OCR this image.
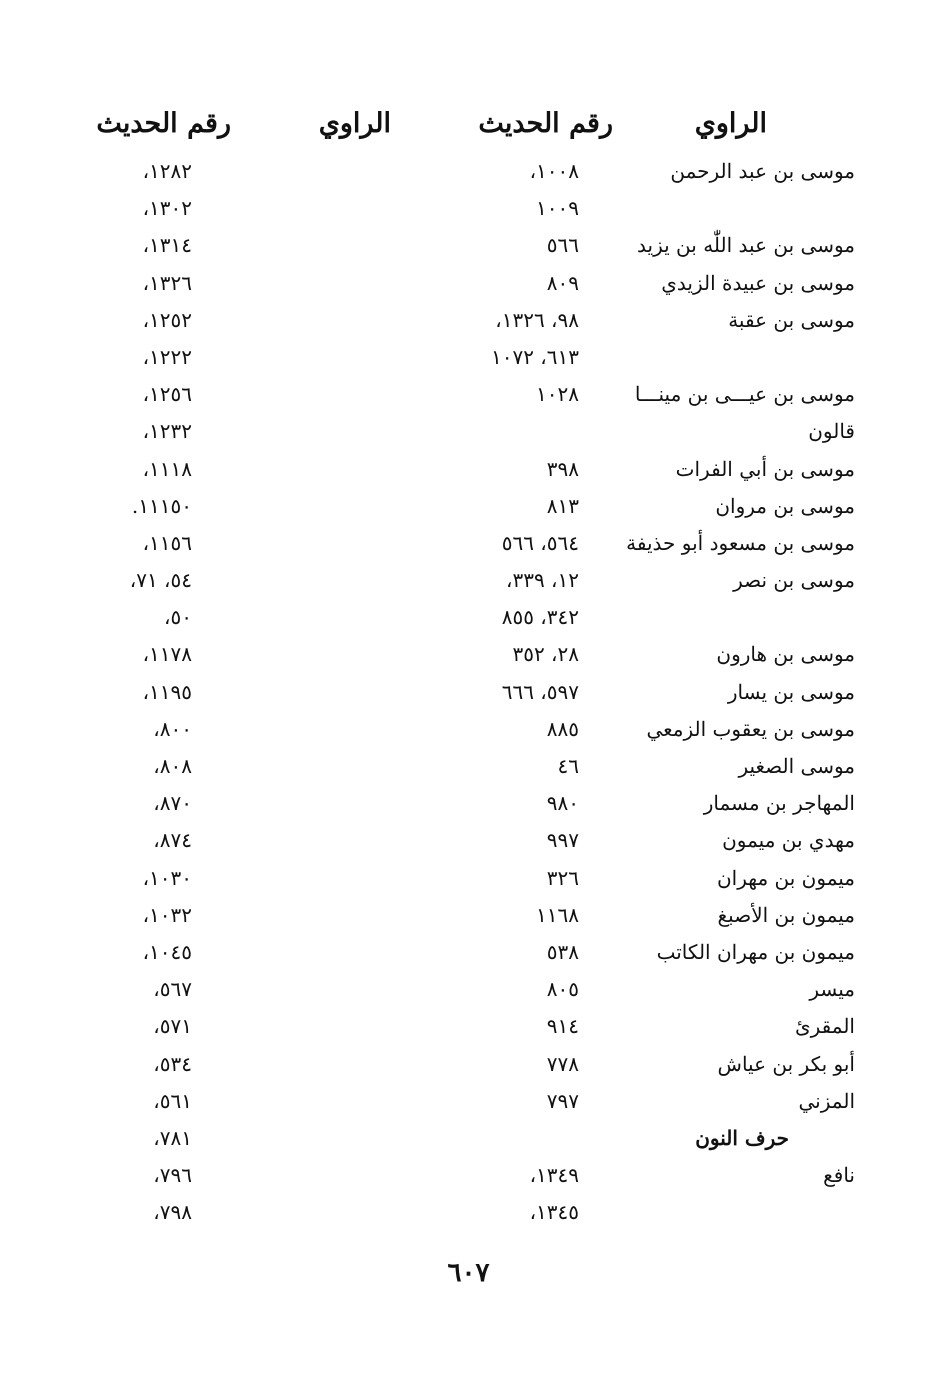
الراوي
رقم الحديث
الراوي
رقم الحديث
موسى بن عبد الرحمن
١٠٠٨،
١٢٨٢،
١٠٠٩
١٣٠٢،
موسى بن عبد اللّٰه بن يزيد
٥٦٦
١٣١٤،
موسى بن عبيدة الزيدي
٨٠٩
١٣٢٦،
موسى بن عقبة
٩٨، ١٣٢٦،
١٢٥٢،
٦١٣، ١٠٧٢
١٢٢٢،
موسى بن عيـــى بن مينـــا
١٠٢٨
١٢٥٦،
قالون
١٢٣٢،
موسى بن أبي الفرات
٣٩٨
١١١٨،
موسى بن مروان
٨١٣
١١١٥٠.
موسى بن مسعود أبو حذيفة
٥٦٤، ٥٦٦
١١٥٦،
موسى بن نصر
١٢، ٣٣٩،
٥٤، ٧١،
٣٤٢، ٨٥٥
٥٠،
موسى بن هارون
٢٨، ٣٥٢
١١٧٨،
موسى بن يسار
٥٩٧، ٦٦٦
١١٩٥،
موسى بن يعقوب الزمعي
٨٨٥
٨٠٠،
موسى الصغير
٤٦
٨٠٨،
المهاجر بن مسمار
٩٨٠
٨٧٠،
مهدي بن ميمون
٩٩٧
٨٧٤،
ميمون بن مهران
٣٢٦
١٠٣٠،
ميمون بن الأصبغ
١١٦٨
١٠٣٢،
ميمون بن مهران الكاتب
٥٣٨
١٠٤٥،
ميسر
٨٠٥
٥٦٧،
المقرئ
٩١٤
٥٧١،
أبو بكر بن عياش
٧٧٨
٥٣٤،
المزني
٧٩٧
٥٦١،
حرف النون
٧٨١،
نافع
١٣٤٩،
٧٩٦،
١٣٤٥،
٧٩٨،
٦٠٧
